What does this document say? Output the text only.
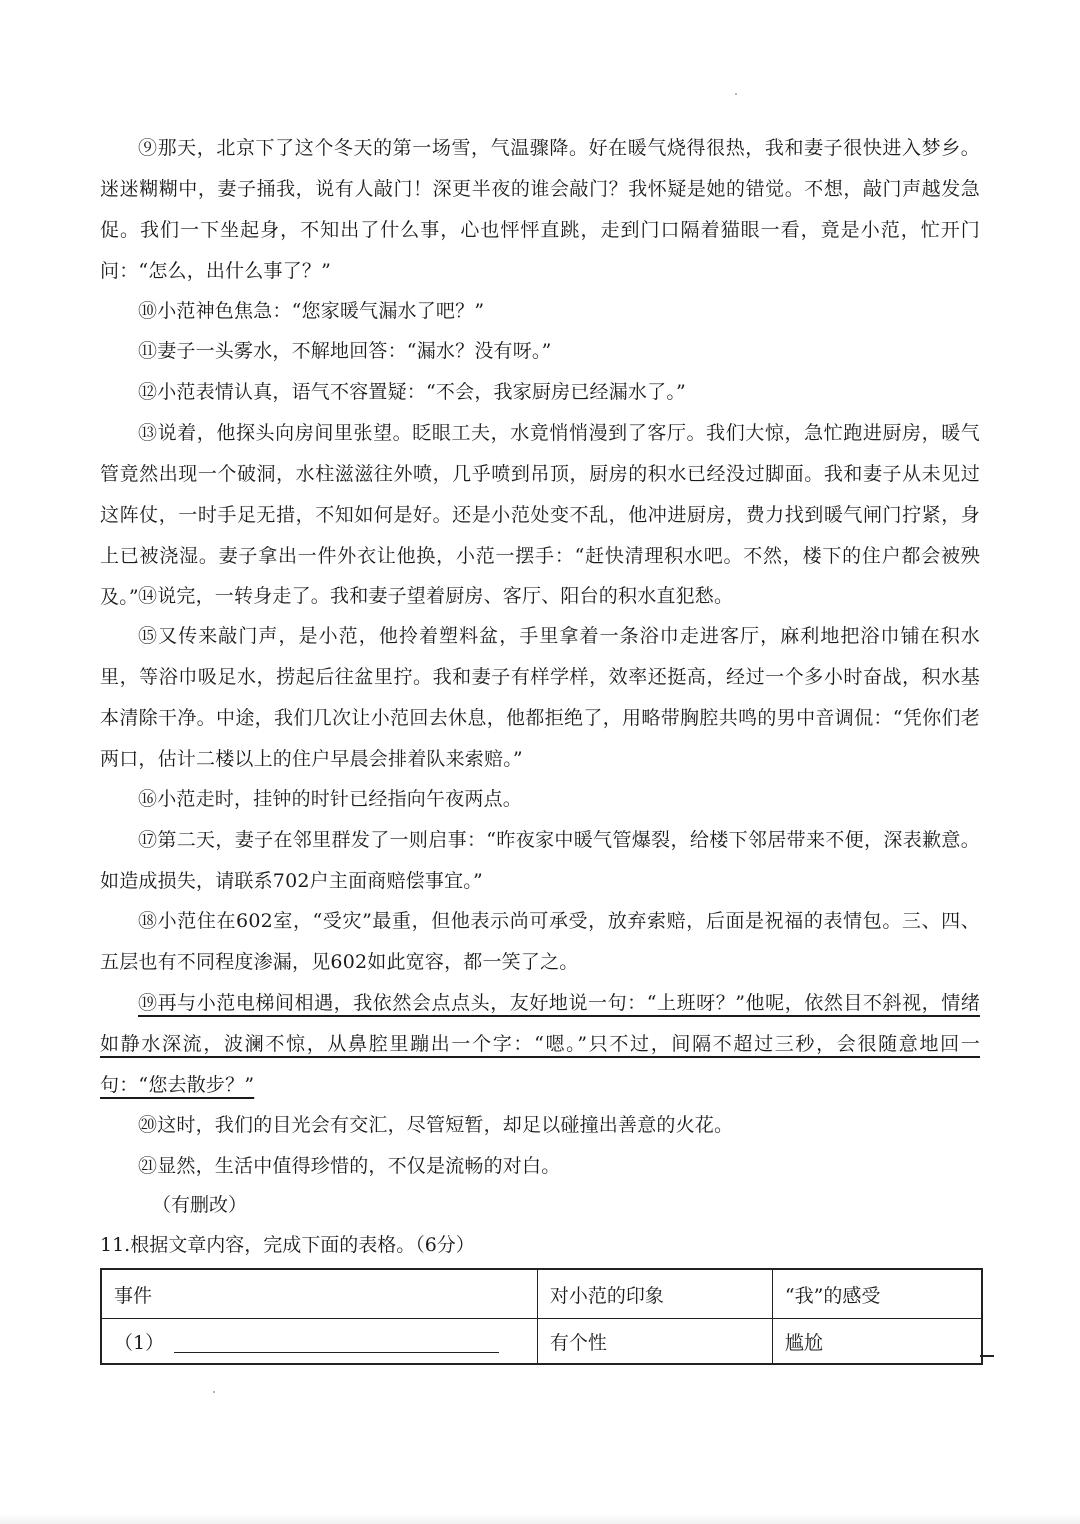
⑨那天，北京下了这个冬天的第一场雪，气温骤降。好在暖气烧得很热，我和妻子很快进入梦乡。迷迷糊糊中，妻子捅我，说有人敲门！深更半夜的谁会敲门？我怀疑是她的错觉。不想，敲门声越发急促。我们一下坐起身，不知出了什么事，心也怦怦直跳，走到门口隔着猫眼一看，竟是小范，忙开门问：“怎么，出什么事了？”

⑩小范神色焦急：“您家暖气漏水了吧？”

⑪妻子一头雾水，不解地回答：“漏水？没有呀。”

⑫小范表情认真，语气不容置疑：“不会，我家厨房已经漏水了。”

⑬说着，他探头向房间里张望。眨眼工夫，水竟悄悄漫到了客厅。我们大惊，急忙跑进厨房，暖气管竟然出现一个破洞，水柱滋滋往外喷，几乎喷到吊顶，厨房的积水已经没过脚面。我和妻子从未见过这阵仗，一时手足无措，不知如何是好。还是小范处变不乱，他冲进厨房，费力找到暖气闸门拧紧，身上已被浇湿。妻子拿出一件外衣让他换，小范一摆手：“赶快清理积水吧。不然，楼下的住户都会被殃及。” ⑭说完，一转身走了。我和妻子望着厨房、客厅、阳台的积水直犯愁。

⑮又传来敲门声，是小范，他拎着塑料盆，手里拿着一条浴巾走进客厅，麻利地把浴巾铺在积水里，等浴巾吸足水，捞起后往盆里拧。我和妻子有样学样，效率还挺高，经过一个多小时奋战，积水基本清除干净。中途，我们几次让小范回去休息，他都拒绝了，用略带胸腔共鸣的男中音调侃：“凭你们老两口，估计二楼以上的住户早晨会排着队来索赔。”

⑯小范走时，挂钟的时针已经指向午夜两点。

⑰第二天，妻子在邻里群发了一则启事：“昨夜家中暖气管爆裂，给楼下邻居带来不便，深表歉意。如造成损失，请联系702户主面商赔偿事宜。”

⑱小范住在602室，“受灾”最重，但他表示尚可承受，放弃索赔，后面是祝福的表情包。三、四、五层也有不同程度渗漏，见602如此宽容，都一笑了之。

⑲再与小范电梯间相遇，我依然会点点头，友好地说一句：“上班呀？”他呢，依然目不斜视，情绪如静水深流，波澜不惊，从鼻腔里蹦出一个字：“嗯。”只不过，间隔不超过三秒，会很随意地回一句：“您去散步？”

⑳这时，我们的目光会有交汇，尽管短暂，却足以碰撞出善意的火花。

㉑显然，生活中值得珍惜的，不仅是流畅的对白。

（有删改）

11.根据文章内容，完成下面的表格。（6分）

事件	对小范的印象	“我”的感受
（1）	有个性	尴尬
